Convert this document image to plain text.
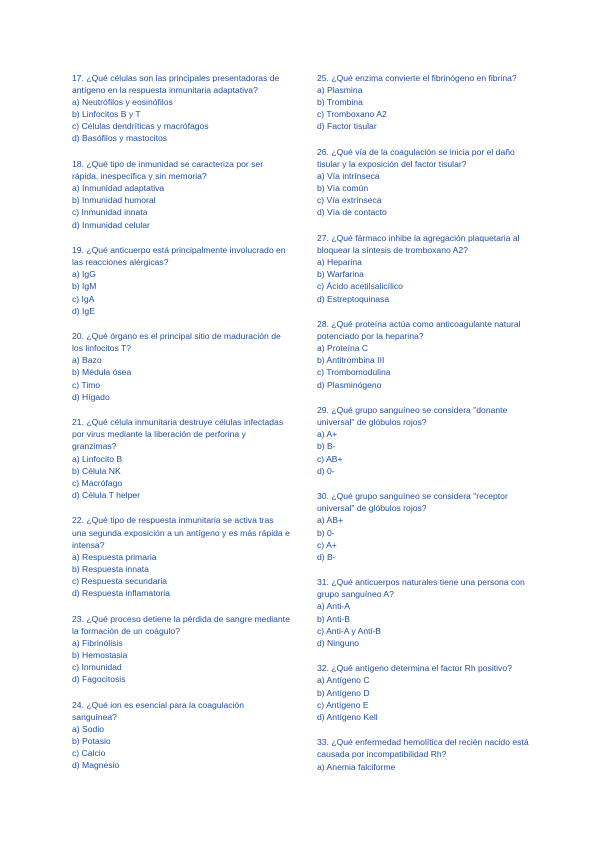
17. ¿Qué células son las principales presentadoras de antígeno en la respuesta inmunitaria adaptativa?
a) Neutrófilos y eosinófilos
b) Linfocitos B y T
c) Células dendríticas y macrófagos
d) Basófilos y mastocitos
18. ¿Qué tipo de inmunidad se caracteriza por ser rápida, inespecífica y sin memoria?
a) Inmunidad adaptativa
b) Inmunidad humoral
c) Inmunidad innata
d) Inmunidad celular
19. ¿Qué anticuerpo está principalmente involucrado en las reacciones alérgicas?
a) IgG
b) IgM
c) IgA
d) IgE
20. ¿Qué órgano es el principal sitio de maduración de los linfocitos T?
a) Bazo
b) Médula ósea
c) Timo
d) Hígado
21. ¿Qué célula inmunitaria destruye células infectadas por virus mediante la liberación de perforina y granzimas?
a) Linfocito B
b) Célula NK
c) Macrófago
d) Célula T helper
22. ¿Qué tipo de respuesta inmunitaria se activa tras una segunda exposición a un antígeno y es más rápida e intensa?
a) Respuesta primaria
b) Respuesta innata
c) Respuesta secundaria
d) Respuesta inflamatoria
23. ¿Qué proceso detiene la pérdida de sangre mediante la formación de un coágulo?
a) Fibrinólisis
b) Hemostasia
c) Inmunidad
d) Fagocitosis
24. ¿Qué ion es esencial para la coagulación sanguínea?
a) Sodio
b) Potasio
c) Calcio
d) Magnesio
25. ¿Qué enzima convierte el fibrinógeno en fibrina?
a) Plasmina
b) Trombina
c) Tromboxano A2
d) Factor tisular
26. ¿Qué vía de la coagulación se inicia por el daño tisular y la exposición del factor tisular?
a) Vía intrínseca
b) Vía común
c) Vía extrínseca
d) Vía de contacto
27. ¿Qué fármaco inhibe la agregación plaquetaria al bloquear la síntesis de tromboxano A2?
a) Heparina
b) Warfarina
c) Ácido acetilsalicílico
d) Estreptoquinasa
28. ¿Qué proteína actúa como anticoagulante natural potenciado por la heparina?
a) Proteína C
b) Antitrombina III
c) Trombomodulina
d) Plasminógeno
29. ¿Qué grupo sanguíneo se considera "donante universal" de glóbulos rojos?
a) A+
b) B-
c) AB+
d) 0-
30. ¿Qué grupo sanguíneo se considera "receptor universal" de glóbulos rojos?
a) AB+
b) 0-
c) A+
d) B-
31. ¿Qué anticuerpos naturales tiene una persona con grupo sanguíneo A?
a) Anti-A
b) Anti-B
c) Anti-A y Anti-B
d) Ninguno
32. ¿Qué antígeno determina el factor Rh positivo?
a) Antígeno C
b) Antígeno D
c) Antígeno E
d) Antígeno Kell
33. ¿Qué enfermedad hemolítica del recién nacido está causada por incompatibilidad Rh?
a) Anemia falciforme
